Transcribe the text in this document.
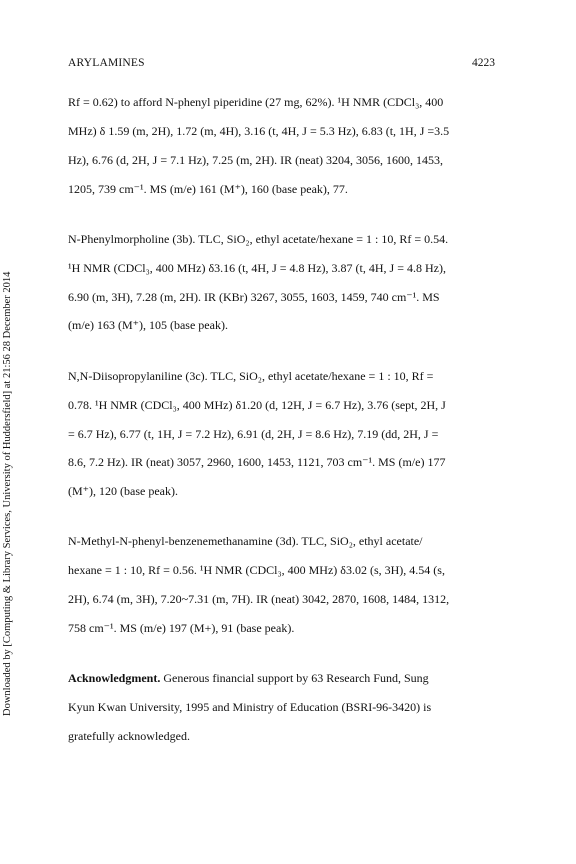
ARYLAMINES	4223
Downloaded by [Computing & Library Services, University of Huddersfield] at 21:56 28 December 2014
Rf = 0.62) to afford N-phenyl piperidine (27 mg, 62%). ¹H NMR (CDCl₃, 400
MHz) δ 1.59 (m, 2H), 1.72 (m, 4H), 3.16 (t, 4H, J = 5.3 Hz), 6.83 (t, 1H, J =3.5
Hz), 6.76 (d, 2H, J = 7.1 Hz), 7.25 (m, 2H). IR (neat) 3204, 3056, 1600, 1453,
1205, 739 cm⁻¹. MS (m/e) 161 (M⁺), 160 (base peak), 77.
N-Phenylmorpholine (3b). TLC, SiO₂, ethyl acetate/hexane = 1 : 10, Rf = 0.54.
¹H NMR (CDCl₃, 400 MHz) δ3.16 (t, 4H, J = 4.8 Hz), 3.87 (t, 4H, J = 4.8 Hz),
6.90 (m, 3H), 7.28 (m, 2H). IR (KBr) 3267, 3055, 1603, 1459, 740 cm⁻¹. MS
(m/e) 163 (M⁺), 105 (base peak).
N,N-Diisopropylaniline (3c). TLC, SiO₂, ethyl acetate/hexane = 1 : 10, Rf =
0.78. ¹H NMR (CDCl₃, 400 MHz) δ1.20 (d, 12H, J = 6.7 Hz), 3.76 (sept, 2H, J
= 6.7 Hz), 6.77 (t, 1H, J = 7.2 Hz), 6.91 (d, 2H, J = 8.6 Hz), 7.19 (dd, 2H, J =
8.6, 7.2 Hz). IR (neat) 3057, 2960, 1600, 1453, 1121, 703 cm⁻¹. MS (m/e) 177
(M⁺), 120 (base peak).
N-Methyl-N-phenyl-benzenemethanamine (3d). TLC, SiO₂, ethyl acetate/
hexane = 1 : 10, Rf = 0.56. ¹H NMR (CDCl₃, 400 MHz) δ3.02 (s, 3H), 4.54 (s,
2H), 6.74 (m, 3H), 7.20~7.31 (m, 7H). IR (neat) 3042, 2870, 1608, 1484, 1312,
758 cm⁻¹. MS (m/e) 197 (M+), 91 (base peak).
Acknowledgment. Generous financial support by 63 Research Fund, Sung
Kyun Kwan University, 1995 and Ministry of Education (BSRI-96-3420) is
gratefully acknowledged.
